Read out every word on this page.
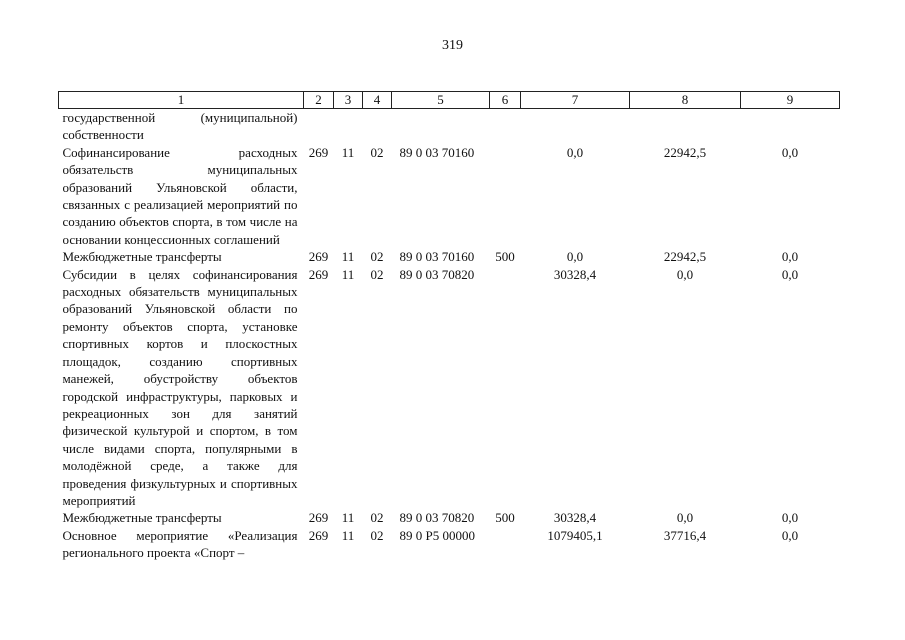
319
1	2	3	4	5	6	7	8	9
государственной (муниципальной) собственности								
Софинансирование расходных обязательств муниципальных образований Ульяновской области, связанных с реализацией мероприятий по созданию объектов спорта, в том числе на основании концессионных соглашений	269	11	02	89 0 03 70160		0,0	22942,5	0,0
Межбюджетные трансферты	269	11	02	89 0 03 70160	500	0,0	22942,5	0,0
Субсидии в целях софинансирования расходных обязательств муниципальных образований Ульяновской области по ремонту объектов спорта, установке спортивных кортов и плоскостных площадок, созданию спортивных манежей, обустройству объектов городской инфраструктуры, парковых и рекреационных зон для занятий физической культурой и спортом, в том числе видами спорта, популярными в молодёжной среде, а также для проведения физкультурных и спортивных мероприятий	269	11	02	89 0 03 70820		30328,4	0,0	0,0
Межбюджетные трансферты	269	11	02	89 0 03 70820	500	30328,4	0,0	0,0
Основное мероприятие «Реализация регионального проекта «Спорт –	269	11	02	89 0 P5 00000		1079405,1	37716,4	0,0
